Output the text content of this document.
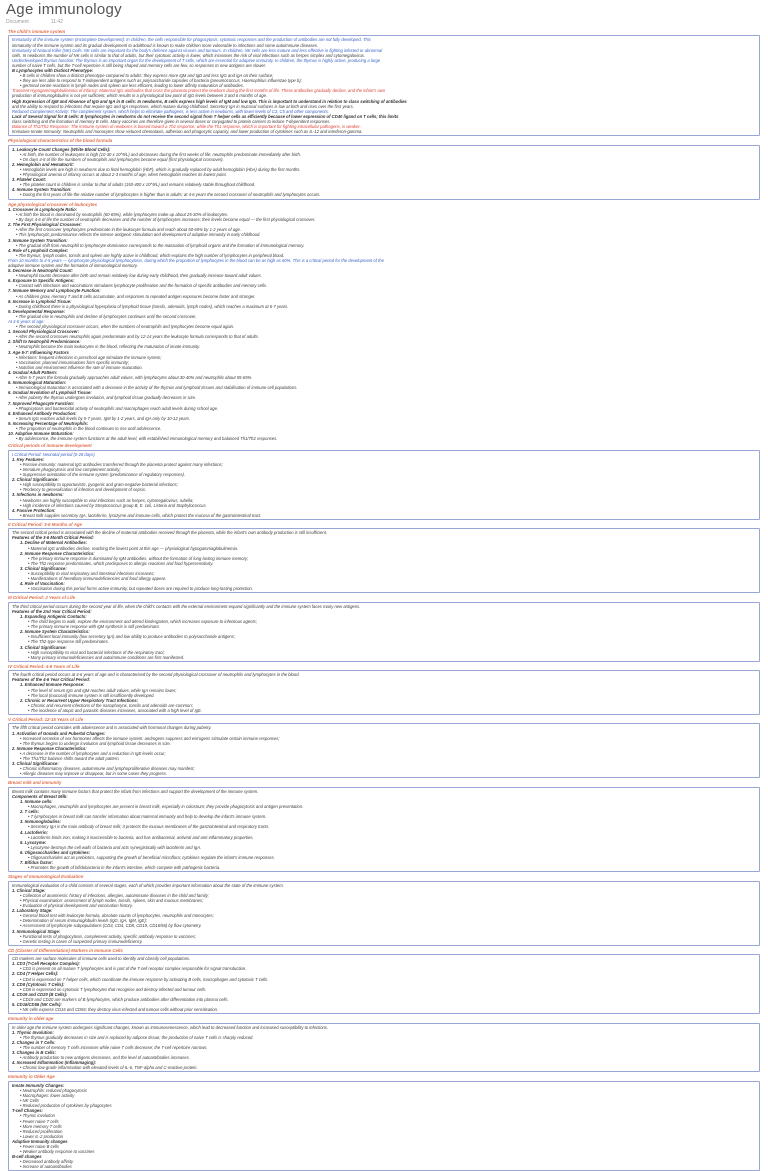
Age immunology
Document	11:42
The child's immune system
Immaturity of the immune system (Incomplete Development): In children, the cells responsible for phagocytosis, cytotoxic responses and the production of antibodies are not fully developed. This
immaturity of the immune system and its gradual development to adulthood is known to make children more vulnerable to infections and some autoimmune diseases.
Immaturity of Natural Killer (NK) Cells: NK cells are important for the body's defence against viruses and tumours. In children, NK cells are less mature and less effective in fighting infected or abnormal
cells. In newborns the number of NK cells is similar to that of adults, but their cytotoxic activity is lower, which increases the risk of viral infections such as herpes simplex and cytomegalovirus.
Underdeveloped thymus function: The thymus is an important organ for the development of T cells, which are essential for adaptive immunity. In children, the thymus is highly active, producing a large
number of naive T cells, but the T-cell repertoire is still being shaped and memory cells are few, so responses to new antigens are slower.
B Lymphocytes with Distinct Phenotype:
• B cells in children show a distinct phenotype compared to adults: they express more IgM and IgD and less IgG and IgA on their surface;
• they are less able to respond to T-independent antigens such as polysaccharide capsules of bacteria (pneumococcus, Haemophilus influenzae type b);
• germinal centre reactions in lymph nodes and spleen are less efficient, leading to lower affinity maturation of antibodies.
Transient Hypogammaglobulinemia of Infancy: Maternal IgG antibodies that cross the placenta protect the newborn during the first months of life. These antibodies gradually decline, and the infant's own
production of immunoglobulins is not yet sufficient, which results in a physiological low point of IgG levels between 3 and 6 months of age.
High Expression of IgM and Absence of IgG and IgA in B cells: In newborns, B cells express high levels of IgM and low IgG. This is important to understand in relation to class switching of antibodies
and the ability to respond to infections that require IgG and IgA responses, which mature during childhood. Secretory IgA in mucosal surfaces is low at birth and rises over the first years.
Reduced Complement Activity: The complement system, which helps to eliminate pathogens, is less active in newborns, with lower levels of C3, C5 and other components.
Lack of Several Signal for B cells: B lymphocytes in newborns do not receive the second signal from T helper cells as efficiently because of lower expression of CD40 ligand on T cells; this limits
class switching and the formation of memory B cells. Many vaccines are therefore given in several doses or conjugated to protein carriers to induce T-dependent responses.
Balance of Th1/Th2 Response: The immune system of newborns is biased toward a Th2 response, while the Th1 response, which is important for fighting intracellular pathogens, is weaker.
Immature Innate Immunity: Neutrophils and monocytes show reduced chemotaxis, adhesion and phagocytic capacity, and lower production of cytokines such as IL-12 and interferon-gamma.
Physiological characteristics of the blood formula
1. Leukocyte Count Changes (White Blood Cells):
• At birth, the number of leukocytes is high (10-30 x 10^9/L) and decreases during the first weeks of life; neutrophils predominate immediately after birth.
• On days 4-6 of life the numbers of neutrophils and lymphocytes become equal (first physiological crossover).
2. Hemoglobin and Hematocrit:
• Hemoglobin levels are high in newborns due to fetal hemoglobin (HbF), which is gradually replaced by adult hemoglobin (HbA) during the first months.
• Physiological anemia of infancy occurs at about 2-3 months of age, when hemoglobin reaches its lowest point.
3. Platelet Count:
• The platelet count in children is similar to that of adults (150-400 x 10^9/L) and remains relatively stable throughout childhood.
4. Immune System Transition:
• During the first years of life the relative number of lymphocytes is higher than in adults; at 4-6 years the second crossover of neutrophils and lymphocytes occurs.
Age physiological crossover of leukocytes
1. Crossover in Lymphocyte Ratio:
• At birth the blood is dominated by neutrophils (60-65%), while lymphocytes make up about 25-30% of leukocytes.
• By days 4-6 of life the number of neutrophils decreases and the number of lymphocytes increases; their levels become equal — the first physiological crossover.
2. The First Physiological Crossover:
• After the first crossover lymphocytes predominate in the leukocyte formula and reach about 60-65% by 1-2 years of age.
• This lymphocytic predominance reflects the intense antigenic stimulation and development of adaptive immunity in early childhood.
3. Immune System Transition:
• The gradual shift from neutrophil to lymphocyte dominance corresponds to the maturation of lymphoid organs and the formation of immunological memory.
4. Role of Lymphoid Complex:
• The thymus, lymph nodes, tonsils and spleen are highly active in childhood, which explains the high number of lymphocytes in peripheral blood.
From 10 months to 4-5 years — lymphocyte physiological lymphocytosis, during which the proportion of lymphocytes in the blood can be as high as 60%. This is a critical period for the development of the
adaptive immune system and the formation of immunological memory.
5. Decrease in Neutrophil Count:
• Neutrophil counts decrease after birth and remain relatively low during early childhood, then gradually increase toward adult values.
6. Exposure to Specific Antigens:
• Contact with infections and vaccinations stimulates lymphocyte proliferation and the formation of specific antibodies and memory cells.
7. Immune Memory and Lymphocyte Function:
• As children grow, memory T and B cells accumulate, and responses to repeated antigen exposures become faster and stronger.
8. Increase in Lymphoid Tissue:
• During childhood there is a physiological hyperplasia of lymphoid tissue (tonsils, adenoids, lymph nodes), which reaches a maximum at 6-7 years.
9. Developmental Response:
• The gradual rise in neutrophils and decline of lymphocytes continues until the second crossover.
At 4-6 years of age:
• The second physiological crossover occurs, when the numbers of neutrophils and lymphocytes become equal again.
1. Second Physiological Crossover:
• After the second crossover neutrophils again predominate and by 12-14 years the leukocyte formula corresponds to that of adults.
2. Shift to Neutrophil Predominance:
• Neutrophils become the main leukocytes in the blood, reflecting the maturation of innate immunity.
3. Age 5-7: Influencing Factors
• Infections: frequent infections in preschool age stimulate the immune system;
• Vaccination: planned immunisations form specific immunity;
• Nutrition and environment influence the rate of immune maturation.
4. Gradual Adult Pattern:
• After 5-7 years the formula gradually approaches adult values, with lymphocytes about 30-40% and neutrophils about 55-65%.
5. Immunological Maturation:
• Immunological maturation is associated with a decrease in the activity of the thymus and lymphoid tissues and stabilisation of immune cell populations.
6. Gradual Involution of Lymphoid Tissue:
• After puberty the thymus undergoes involution, and lymphoid tissue gradually decreases in size.
7. Improved Phagocyte Function:
• Phagocytosis and bactericidal activity of neutrophils and macrophages reach adult levels during school age.
8. Enhanced Antibody Production:
• Serum IgG reaches adult levels by 5-7 years, IgM by 1-2 years, and IgA only by 10-12 years.
9. Increasing Percentage of Neutrophils:
• The proportion of neutrophils in the blood continues to rise until adolescence.
10. Adaptive Immune Maturation:
• By adolescence, the immune system functions at the adult level, with established immunological memory and balanced Th1/Th2 responses.
Critical periods of immune development
I Critical Period: Neonatal period (0-28 days)
1. Key Features:
• Passive immunity: maternal IgG antibodies transferred through the placenta protect against many infections;
• Immature phagocytosis and low complement activity;
• Suppressive orientation of the immune system (predominance of regulatory responses).
2. Clinical Significance:
• High susceptibility to opportunistic, pyogenic and gram-negative bacterial infections;
• Tendency to generalisation of infection and development of sepsis.
3. Infections in newborns:
• Newborns are highly susceptible to viral infections such as herpes, cytomegalovirus, rubella;
• High incidence of infections caused by Streptococcus group B, E. coli, Listeria and Staphylococcus.
4. Passive Protection:
• Breast milk supplies secretory IgA, lactoferrin, lysozyme and immune cells, which protect the mucosa of the gastrointestinal tract.
II Critical Period: 3-6 Months of Age
The second critical period is associated with the decline of maternal antibodies received through the placenta, while the infant's own antibody production is still insufficient.
Features of the 3-6 Month Critical Period:
1. Decline of Maternal Antibodies:
• Maternal IgG antibodies decline, reaching the lowest point at this age — physiological hypogammaglobulinemia.
2. Immune Response Characteristics:
• The primary immune response is dominated by IgM antibodies, without the formation of long-lasting immune memory;
• The Th2 response predominates, which predisposes to allergic reactions and food hypersensitivity.
3. Clinical Significance:
• Susceptibility to viral respiratory and intestinal infections increases;
• Manifestations of hereditary immunodeficiencies and food allergy appear.
4. Role of Vaccination:
• Vaccination during this period forms active immunity, but repeated doses are required to produce long-lasting protection.
III Critical Period: 2 Years of Life
The third critical period occurs during the second year of life, when the child's contacts with the external environment expand significantly and the immune system faces many new antigens.
Features of the 2nd Year Critical Period:
1. Expanding Antigenic Contacts:
• The child begins to walk, explore the environment and attend kindergarten, which increases exposure to infectious agents;
• The primary immune response with IgM synthesis is still predominant.
2. Immune System Characteristics:
• Insufficient local immunity (low secretory IgA) and low ability to produce antibodies to polysaccharide antigens;
• The Th2-type response still predominates.
3. Clinical Significance:
• High susceptibility to viral and bacterial infections of the respiratory tract;
• Many primary immunodeficiencies and autoimmune conditions are first manifested.
IV Critical Period: 4-6 Years of Life
The fourth critical period occurs at 4-6 years of age and is characterised by the second physiological crossover of neutrophils and lymphocytes in the blood.
Features of the 4-6 Year Critical Period:
1. Enhanced Immune Response:
• The level of serum IgG and IgM reaches adult values, while IgA remains lower;
• The local (mucosal) immune system is still insufficiently developed.
2. Chronic or Recurrent Upper Respiratory Tract Infections:
• Chronic and recurrent infections of the nasopharynx, tonsils and adenoids are common;
• The incidence of atopic and parasitic diseases increases, associated with a high level of IgE.
V Critical Period: 12-15 Years of Life
The fifth critical period coincides with adolescence and is associated with hormonal changes during puberty.
1. Activation of Gonads and Pubertal Changes:
• Increased secretion of sex hormones affects the immune system: androgens suppress and estrogens stimulate certain immune responses;
• The thymus begins to undergo involution and lymphoid tissue decreases in size.
2. Immune Response Characteristics:
• A decrease in the number of lymphocytes and a reduction in IgE levels occur;
• The Th1/Th2 balance shifts toward the adult pattern.
3. Clinical Significance:
• Chronic inflammatory diseases, autoimmune and lymphoproliferative diseases may manifest;
• Allergic diseases may improve or disappear, but in some cases they progress.
Breast milk and immunity
Breast milk contains many immune factors that protect the infant from infections and support the development of the immune system.
Components of Breast Milk:
1. Immune cells:
• Macrophages, neutrophils and lymphocytes are present in breast milk, especially in colostrum; they provide phagocytosis and antigen presentation.
2. T cells:
• T lymphocytes in breast milk can transfer information about maternal immunity and help to develop the infant's immune system.
3. Immunoglobulins:
• Secretory IgA is the main antibody of breast milk; it protects the mucous membranes of the gastrointestinal and respiratory tracts.
4. Lactoferrin:
• Lactoferrin binds iron, making it inaccessible to bacteria, and has antibacterial, antiviral and anti-inflammatory properties.
5. Lysozyme:
• Lysozyme destroys the cell walls of bacteria and acts synergistically with lactoferrin and IgA.
6. Oligosaccharides and cytokines:
• Oligosaccharides act as prebiotics, supporting the growth of beneficial microflora; cytokines regulate the infant's immune responses.
7. Bifidus factor:
• Promotes the growth of bifidobacteria in the infant's intestine, which compete with pathogenic bacteria.
Stages of Immunological Evaluation
Immunological evaluation of a child consists of several stages, each of which provides important information about the state of the immune system.
1. Clinical Stage:
• Collection of anamnesis: history of infections, allergies, autoimmune diseases in the child and family;
• Physical examination: assessment of lymph nodes, tonsils, spleen, skin and mucous membranes;
• Evaluation of physical development and vaccination history.
2. Laboratory Stage:
• General blood test with leukocyte formula, absolute counts of lymphocytes, neutrophils and monocytes;
• Determination of serum immunoglobulin levels (IgG, IgA, IgM, IgE);
• Assessment of lymphocyte subpopulations (CD3, CD4, CD8, CD19, CD16/56) by flow cytometry.
3. Immunological Stage:
• Functional tests of phagocytosis, complement activity, specific antibody response to vaccines;
• Genetic testing in cases of suspected primary immunodeficiency.
CD (Cluster of Differentiation) Markers in Immune Cells
CD markers are surface molecules of immune cells used to identify and classify cell populations.
1. CD3 (T-Cell Receptor Complex):
• CD3 is present on all mature T lymphocytes and is part of the T-cell receptor complex responsible for signal transduction.
2. CD4 (T Helper Cells):
• CD4 is expressed on T helper cells, which coordinate the immune response by activating B cells, macrophages and cytotoxic T cells.
3. CD8 (Cytotoxic T Cells):
• CD8 is expressed on cytotoxic T lymphocytes that recognise and destroy infected and tumour cells.
4. CD19 and CD20 (B Cells):
• CD19 and CD20 are markers of B lymphocytes, which produce antibodies after differentiation into plasma cells.
5. CD16/CD56 (NK Cells):
• NK cells express CD16 and CD56; they destroy virus-infected and tumour cells without prior sensitisation.
Immunity in older age
In older age the immune system undergoes significant changes, known as immunosenescence, which lead to decreased function and increased susceptibility to infections.
1. Thymic Involution:
• The thymus gradually decreases in size and is replaced by adipose tissue; the production of naive T cells is sharply reduced.
2. Changes in T Cells:
• The number of memory T cells increases while naive T cells decrease; the T-cell repertoire narrows.
3. Changes in B Cells:
• Antibody production to new antigens decreases, and the level of autoantibodies increases.
4. Increased Inflammation (Inflammaging):
• Chronic low-grade inflammation with elevated levels of IL-6, TNF-alpha and C-reactive protein.
Immunity in Older Age
Innate Immunity Changes:
• Neutrophils: reduced phagocytosis
• Macrophages: lower activity
• NK Cells
• Reduced production of cytokines by phagocytes
T-cell Changes:
• Thymic involution
• Fewer naive T cells
• More memory T cells
• Reduced proliferation
• Lower IL-2 production
Adaptive Immunity changes
• Fewer naive B cells
• Weaker antibody response to vaccines
B-cell changes
• Decreased antibody affinity
• Increase of autoantibodies
